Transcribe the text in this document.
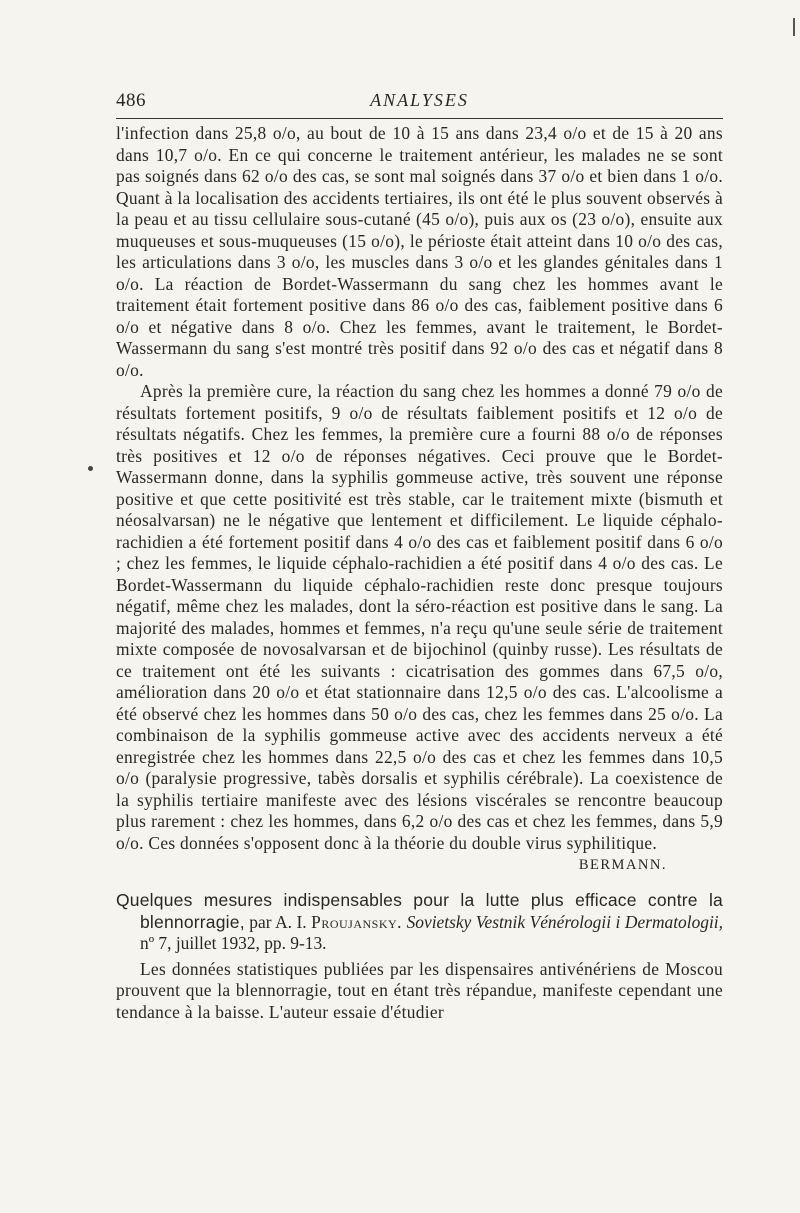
486	ANALYSES

l'infection dans 25,8 o/o, au bout de 10 à 15 ans dans 23,4 o/o et de 15 à 20 ans dans 10,7 o/o. En ce qui concerne le traitement antérieur, les malades ne se sont pas soignés dans 62 o/o des cas, se sont mal soignés dans 37 o/o et bien dans 1 o/o. Quant à la localisation des accidents tertiaires, ils ont été le plus souvent observés à la peau et au tissu cellulaire sous-cutané (45 o/o), puis aux os (23 o/o), ensuite aux muqueuses et sous-muqueuses (15 o/o), le périoste était atteint dans 10 o/o des cas, les articulations dans 3 o/o, les muscles dans 3 o/o et les glandes génitales dans 1 o/o. La réaction de Bordet-Wassermann du sang chez les hommes avant le traitement était fortement positive dans 86 o/o des cas, faiblement positive dans 6 o/o et négative dans 8 o/o. Chez les femmes, avant le traitement, le Bordet-Wassermann du sang s'est montré très positif dans 92 o/o des cas et négatif dans 8 o/o.

Après la première cure, la réaction du sang chez les hommes a donné 79 o/o de résultats fortement positifs, 9 o/o de résultats faiblement positifs et 12 o/o de résultats négatifs. Chez les femmes, la première cure a fourni 88 o/o de réponses très positives et 12 o/o de réponses négatives. Ceci prouve que le Bordet-Wassermann donne, dans la syphilis gommeuse active, très souvent une réponse positive et que cette positivité est très stable, car le traitement mixte (bismuth et néosalvarsan) ne le négative que lentement et difficilement. Le liquide céphalo-rachidien a été fortement positif dans 4 o/o des cas et faiblement positif dans 6 o/o ; chez les femmes, le liquide céphalo-rachidien a été positif dans 4 o/o des cas. Le Bordet-Wassermann du liquide céphalo-rachidien reste donc presque toujours négatif, même chez les malades, dont la séro-réaction est positive dans le sang. La majorité des malades, hommes et femmes, n'a reçu qu'une seule série de traitement mixte composée de novosalvarsan et de bijochinol (quinby russe). Les résultats de ce traitement ont été les suivants : cicatrisation des gommes dans 67,5 o/o, amélioration dans 20 o/o et état stationnaire dans 12,5 o/o des cas. L'alcoolisme a été observé chez les hommes dans 50 o/o des cas, chez les femmes dans 25 o/o. La combinaison de la syphilis gommeuse active avec des accidents nerveux a été enregistrée chez les hommes dans 22,5 o/o des cas et chez les femmes dans 10,5 o/o (paralysie progressive, tabès dorsalis et syphilis cérébrale). La coexistence de la syphilis tertiaire manifeste avec des lésions viscérales se rencontre beaucoup plus rarement : chez les hommes, dans 6,2 o/o des cas et chez les femmes, dans 5,9 o/o. Ces données s'opposent donc à la théorie du double virus syphilitique.

BERMANN.
Quelques mesures indispensables pour la lutte plus efficace contre la blennorragie, par A. I. Proujansky. Sovietsky Vestnik Vénérologii i Dermatologii, nº 7, juillet 1932, pp. 9-13.

Les données statistiques publiées par les dispensaires antivénériens de Moscou prouvent que la blennorragie, tout en étant très répandue, manifeste cependant une tendance à la baisse. L'auteur essaie d'étudier
